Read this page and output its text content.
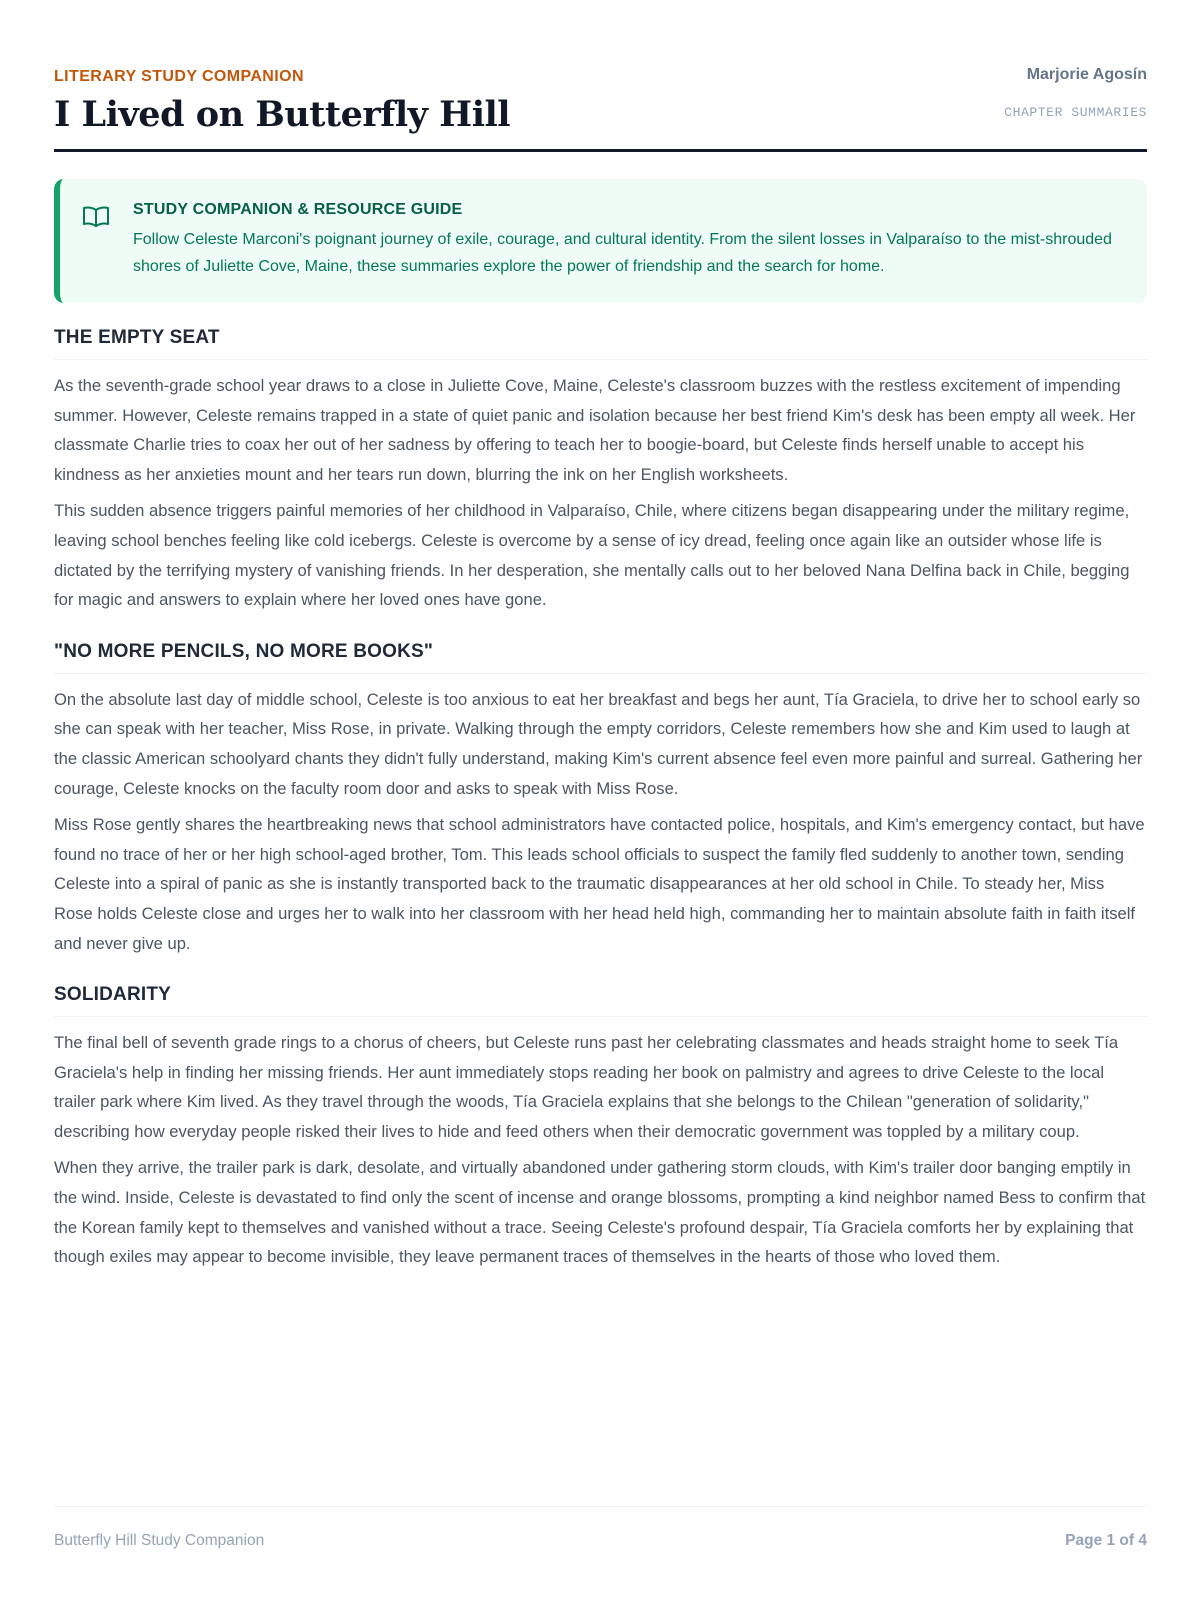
LITERARY STUDY COMPANION
I Lived on Butterfly Hill
Marjorie Agosín
CHAPTER SUMMARIES
STUDY COMPANION & RESOURCE GUIDE
Follow Celeste Marconi's poignant journey of exile, courage, and cultural identity. From the silent losses in Valparaíso to the mist-shrouded shores of Juliette Cove, Maine, these summaries explore the power of friendship and the search for home.
THE EMPTY SEAT

As the seventh-grade school year draws to a close in Juliette Cove, Maine, Celeste's classroom buzzes with the restless excitement of impending summer. However, Celeste remains trapped in a state of quiet panic and isolation because her best friend Kim's desk has been empty all week. Her classmate Charlie tries to coax her out of her sadness by offering to teach her to boogie-board, but Celeste finds herself unable to accept his kindness as her anxieties mount and her tears run down, blurring the ink on her English worksheets.

This sudden absence triggers painful memories of her childhood in Valparaíso, Chile, where citizens began disappearing under the military regime, leaving school benches feeling like cold icebergs. Celeste is overcome by a sense of icy dread, feeling once again like an outsider whose life is dictated by the terrifying mystery of vanishing friends. In her desperation, she mentally calls out to her beloved Nana Delfina back in Chile, begging for magic and answers to explain where her loved ones have gone.

"NO MORE PENCILS, NO MORE BOOKS"

On the absolute last day of middle school, Celeste is too anxious to eat her breakfast and begs her aunt, Tía Graciela, to drive her to school early so she can speak with her teacher, Miss Rose, in private. Walking through the empty corridors, Celeste remembers how she and Kim used to laugh at the classic American schoolyard chants they didn't fully understand, making Kim's current absence feel even more painful and surreal. Gathering her courage, Celeste knocks on the faculty room door and asks to speak with Miss Rose.

Miss Rose gently shares the heartbreaking news that school administrators have contacted police, hospitals, and Kim's emergency contact, but have found no trace of her or her high school-aged brother, Tom. This leads school officials to suspect the family fled suddenly to another town, sending Celeste into a spiral of panic as she is instantly transported back to the traumatic disappearances at her old school in Chile. To steady her, Miss Rose holds Celeste close and urges her to walk into her classroom with her head held high, commanding her to maintain absolute faith in faith itself and never give up.

SOLIDARITY

The final bell of seventh grade rings to a chorus of cheers, but Celeste runs past her celebrating classmates and heads straight home to seek Tía Graciela's help in finding her missing friends. Her aunt immediately stops reading her book on palmistry and agrees to drive Celeste to the local trailer park where Kim lived. As they travel through the woods, Tía Graciela explains that she belongs to the Chilean "generation of solidarity," describing how everyday people risked their lives to hide and feed others when their democratic government was toppled by a military coup.

When they arrive, the trailer park is dark, desolate, and virtually abandoned under gathering storm clouds, with Kim's trailer door banging emptily in the wind. Inside, Celeste is devastated to find only the scent of incense and orange blossoms, prompting a kind neighbor named Bess to confirm that the Korean family kept to themselves and vanished without a trace. Seeing Celeste's profound despair, Tía Graciela comforts her by explaining that though exiles may appear to become invisible, they leave permanent traces of themselves in the hearts of those who loved them.

Butterfly Hill Study Companion	Page 1 of 4
